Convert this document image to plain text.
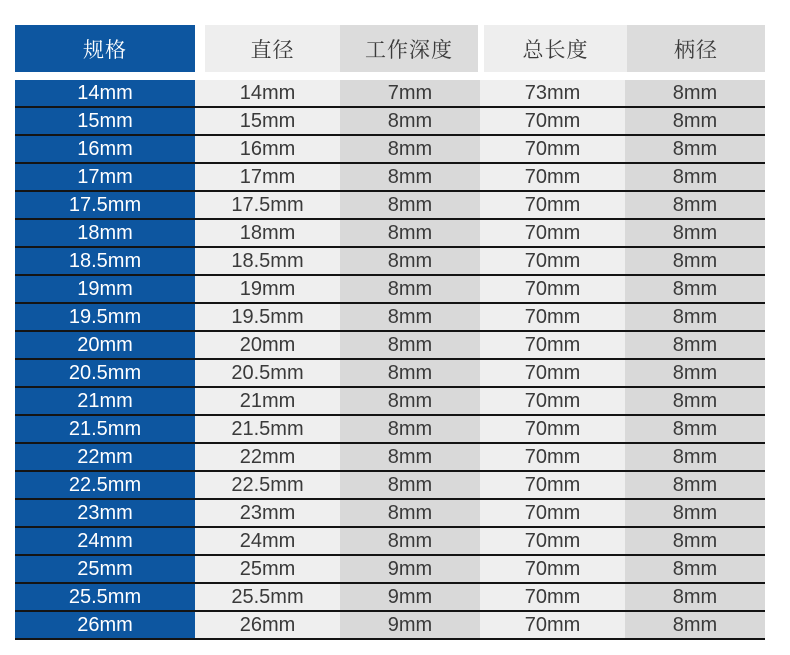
规格	直径	工作深度	总长度	柄径
14mm	14mm	7mm	73mm	8mm
15mm	15mm	8mm	70mm	8mm
16mm	16mm	8mm	70mm	8mm
17mm	17mm	8mm	70mm	8mm
17.5mm	17.5mm	8mm	70mm	8mm
18mm	18mm	8mm	70mm	8mm
18.5mm	18.5mm	8mm	70mm	8mm
19mm	19mm	8mm	70mm	8mm
19.5mm	19.5mm	8mm	70mm	8mm
20mm	20mm	8mm	70mm	8mm
20.5mm	20.5mm	8mm	70mm	8mm
21mm	21mm	8mm	70mm	8mm
21.5mm	21.5mm	8mm	70mm	8mm
22mm	22mm	8mm	70mm	8mm
22.5mm	22.5mm	8mm	70mm	8mm
23mm	23mm	8mm	70mm	8mm
24mm	24mm	8mm	70mm	8mm
25mm	25mm	9mm	70mm	8mm
25.5mm	25.5mm	9mm	70mm	8mm
26mm	26mm	9mm	70mm	8mm
